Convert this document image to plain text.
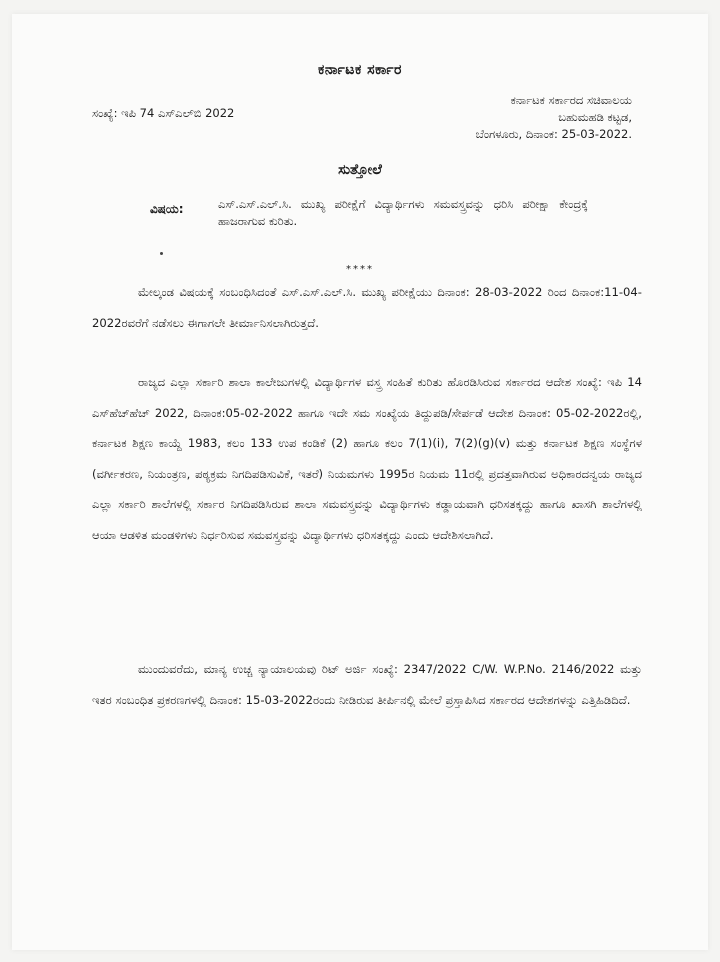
ಕರ್ನಾಟಕ ಸರ್ಕಾರ
ಸಂಖ್ಯೆ: ಇಪಿ 74 ಎಸ್‌ಎಲ್‌ಬಿ 2022
ಕರ್ನಾಟಕ ಸರ್ಕಾರದ ಸಚಿವಾಲಯ
ಬಹುಮಹಡಿ ಕಟ್ಟಡ,
ಬೆಂಗಳೂರು, ದಿನಾಂಕ: 25-03-2022.
ಸುತ್ತೋಲೆ
ವಿಷಯ:	ಎಸ್.ಎಸ್.ಎಲ್.ಸಿ. ಮುಖ್ಯ ಪರೀಕ್ಷೆಗೆ ವಿದ್ಯಾರ್ಥಿಗಳು ಸಮವಸ್ತ್ರವನ್ನು ಧರಿಸಿ ಪರೀಕ್ಷಾ ಕೇಂದ್ರಕ್ಕೆ ಹಾಜರಾಗುವ ಕುರಿತು.
****
ಮೇಲ್ಕಂಡ ವಿಷಯಕ್ಕೆ ಸಂಬಂಧಿಸಿದಂತೆ ಎಸ್.ಎಸ್.ಎಲ್.ಸಿ. ಮುಖ್ಯ ಪರೀಕ್ಷೆಯು ದಿನಾಂಕ: 28-03-2022 ರಿಂದ ದಿನಾಂಕ:11-04-2022ರವರೆಗೆ ನಡೆಸಲು ಈಗಾಗಲೇ ತೀರ್ಮಾನಿಸಲಾಗಿರುತ್ತದೆ.
ರಾಜ್ಯದ ಎಲ್ಲಾ ಸರ್ಕಾರಿ ಶಾಲಾ ಕಾಲೇಜುಗಳಲ್ಲಿ ವಿದ್ಯಾರ್ಥಿಗಳ ವಸ್ತ್ರ ಸಂಹಿತೆ ಕುರಿತು ಹೊರಡಿಸಿರುವ ಸರ್ಕಾರದ ಆದೇಶ ಸಂಖ್ಯೆ: ಇಪಿ 14 ಎಸ್‌ಹೆಚ್‌ಹೆಚ್ 2022, ದಿನಾಂಕ:05-02-2022 ಹಾಗೂ ಇದೇ ಸಮ ಸಂಖ್ಯೆಯ ತಿದ್ದುಪಡಿ/ಸೇರ್ಪಡೆ ಆದೇಶ ದಿನಾಂಕ: 05-02-2022ರಲ್ಲಿ, ಕರ್ನಾಟಕ ಶಿಕ್ಷಣ ಕಾಯ್ದೆ 1983, ಕಲಂ 133 ಉಪ ಕಂಡಿಕೆ (2) ಹಾಗೂ ಕಲಂ 7(1)(i), 7(2)(g)(v) ಮತ್ತು ಕರ್ನಾಟಕ ಶಿಕ್ಷಣ ಸಂಸ್ಥೆಗಳ (ವರ್ಗೀಕರಣ, ನಿಯಂತ್ರಣ, ಪಠ್ಯಕ್ರಮ ನಿಗದಿಪಡಿಸುವಿಕೆ, ಇತರೆ) ನಿಯಮಗಳು 1995ರ ನಿಯಮ 11ರಲ್ಲಿ ಪ್ರದತ್ತವಾಗಿರುವ ಅಧಿಕಾರದನ್ವಯ ರಾಜ್ಯದ ಎಲ್ಲಾ ಸರ್ಕಾರಿ ಶಾಲೆಗಳಲ್ಲಿ ಸರ್ಕಾರ ನಿಗದಿಪಡಿಸಿರುವ ಶಾಲಾ ಸಮವಸ್ತ್ರವನ್ನು ವಿದ್ಯಾರ್ಥಿಗಳು ಕಡ್ಡಾಯವಾಗಿ ಧರಿಸತಕ್ಕದ್ದು ಹಾಗೂ ಖಾಸಗಿ ಶಾಲೆಗಳಲ್ಲಿ ಆಯಾ ಆಡಳಿತ ಮಂಡಳಿಗಳು ನಿರ್ಧರಿಸುವ ಸಮವಸ್ತ್ರವನ್ನು ವಿದ್ಯಾರ್ಥಿಗಳು ಧರಿಸತಕ್ಕದ್ದು ಎಂದು ಆದೇಶಿಸಲಾಗಿದೆ.
ಮುಂದುವರೆದು, ಮಾನ್ಯ ಉಚ್ಚ ನ್ಯಾಯಾಲಯವು ರಿಟ್ ಅರ್ಜಿ ಸಂಖ್ಯೆ: 2347/2022 C/W. W.P.No. 2146/2022 ಮತ್ತು ಇತರ ಸಂಬಂಧಿತ ಪ್ರಕರಣಗಳಲ್ಲಿ ದಿನಾಂಕ: 15-03-2022ರಂದು ನೀಡಿರುವ ತೀರ್ಪಿನಲ್ಲಿ ಮೇಲೆ ಪ್ರಸ್ತಾಪಿಸಿದ ಸರ್ಕಾರದ ಆದೇಶಗಳನ್ನು ಎತ್ತಿಹಿಡಿದಿದೆ.
